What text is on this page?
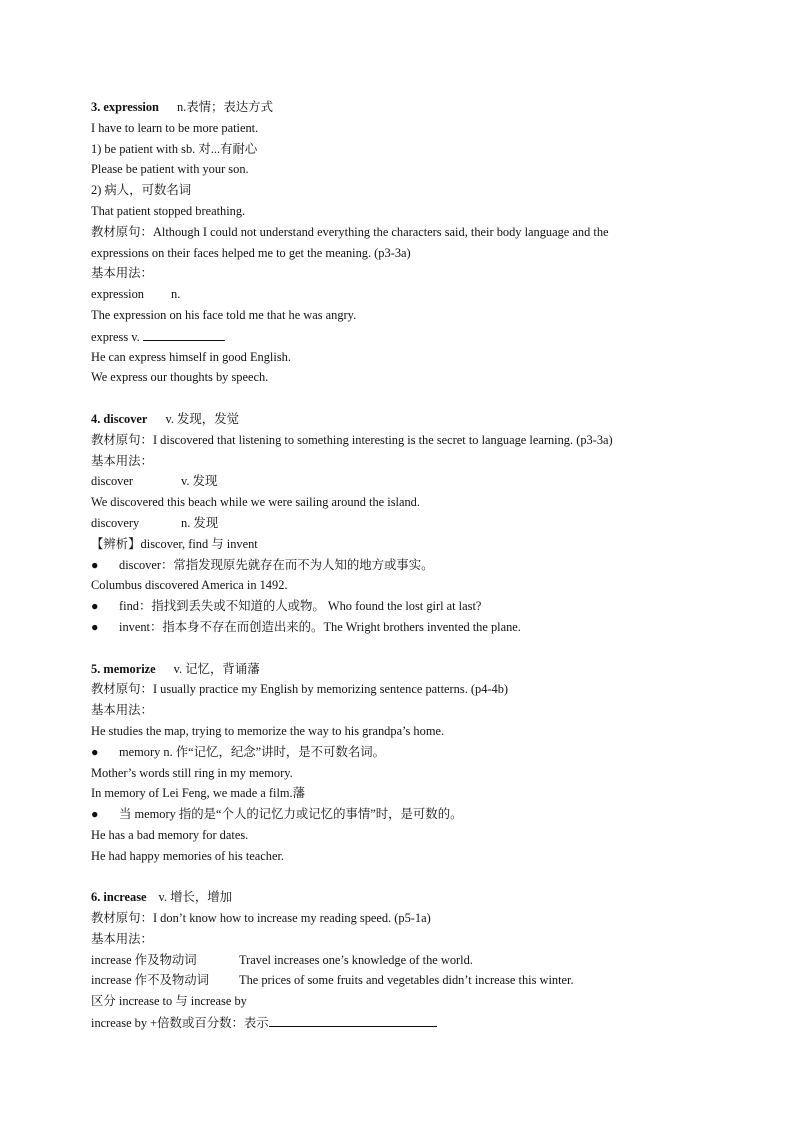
3. expression n.表情；表达方式
I have to learn to be more patient.
1) be patient with sb. 对...有耐心
Please be patient with your son.
2) 病人，可数名词
That patient stopped breathing.
教材原句：Although I could not understand everything the characters said, their body language and the
expressions on their faces helped me to get the meaning. (p3-3a)
基本用法：
expression n.
The expression on his face told me that he was angry.
express v.
He can express himself in good English.
We express our thoughts by speech.
4. discover v. 发现，发觉
教材原句：I discovered that listening to something interesting is the secret to language learning. (p3-3a)
基本用法：
discover	v. 发现
We discovered this beach while we were sailing around the island.
discovery	n. 发现
【辨析】discover, find 与 invent
● discover：常指发现原先就存在而不为人知的地方或事实。
Columbus discovered America in 1492.
● find：指找到丢失或不知道的人或物。 Who found the lost girl at last?
● invent：指本身不存在而创造出来的。The Wright brothers invented the plane.
5. memorize v. 记忆，背诵藩
教材原句：I usually practice my English by memorizing sentence patterns. (p4-4b)
基本用法：
He studies the map, trying to memorize the way to his grandpa’s home.
● memory n. 作“记忆，纪念”讲时，是不可数名词。
Mother’s words still ring in my memory.
In memory of Lei Feng, we made a film.藩
● 当 memory 指的是“个人的记忆力或记忆的事情”时，是可数的。
He has a bad memory for dates.
He had happy memories of his teacher.
6. increase v. 增长，增加
教材原句：I don’t know how to increase my reading speed. (p5-1a)
基本用法：
increase 作及物动词	Travel increases one’s knowledge of the world.
increase 作不及物动词 The prices of some fruits and vegetables didn’t increase this winter.
区分 increase to 与 increase by
increase by +倍数或百分数：表示
